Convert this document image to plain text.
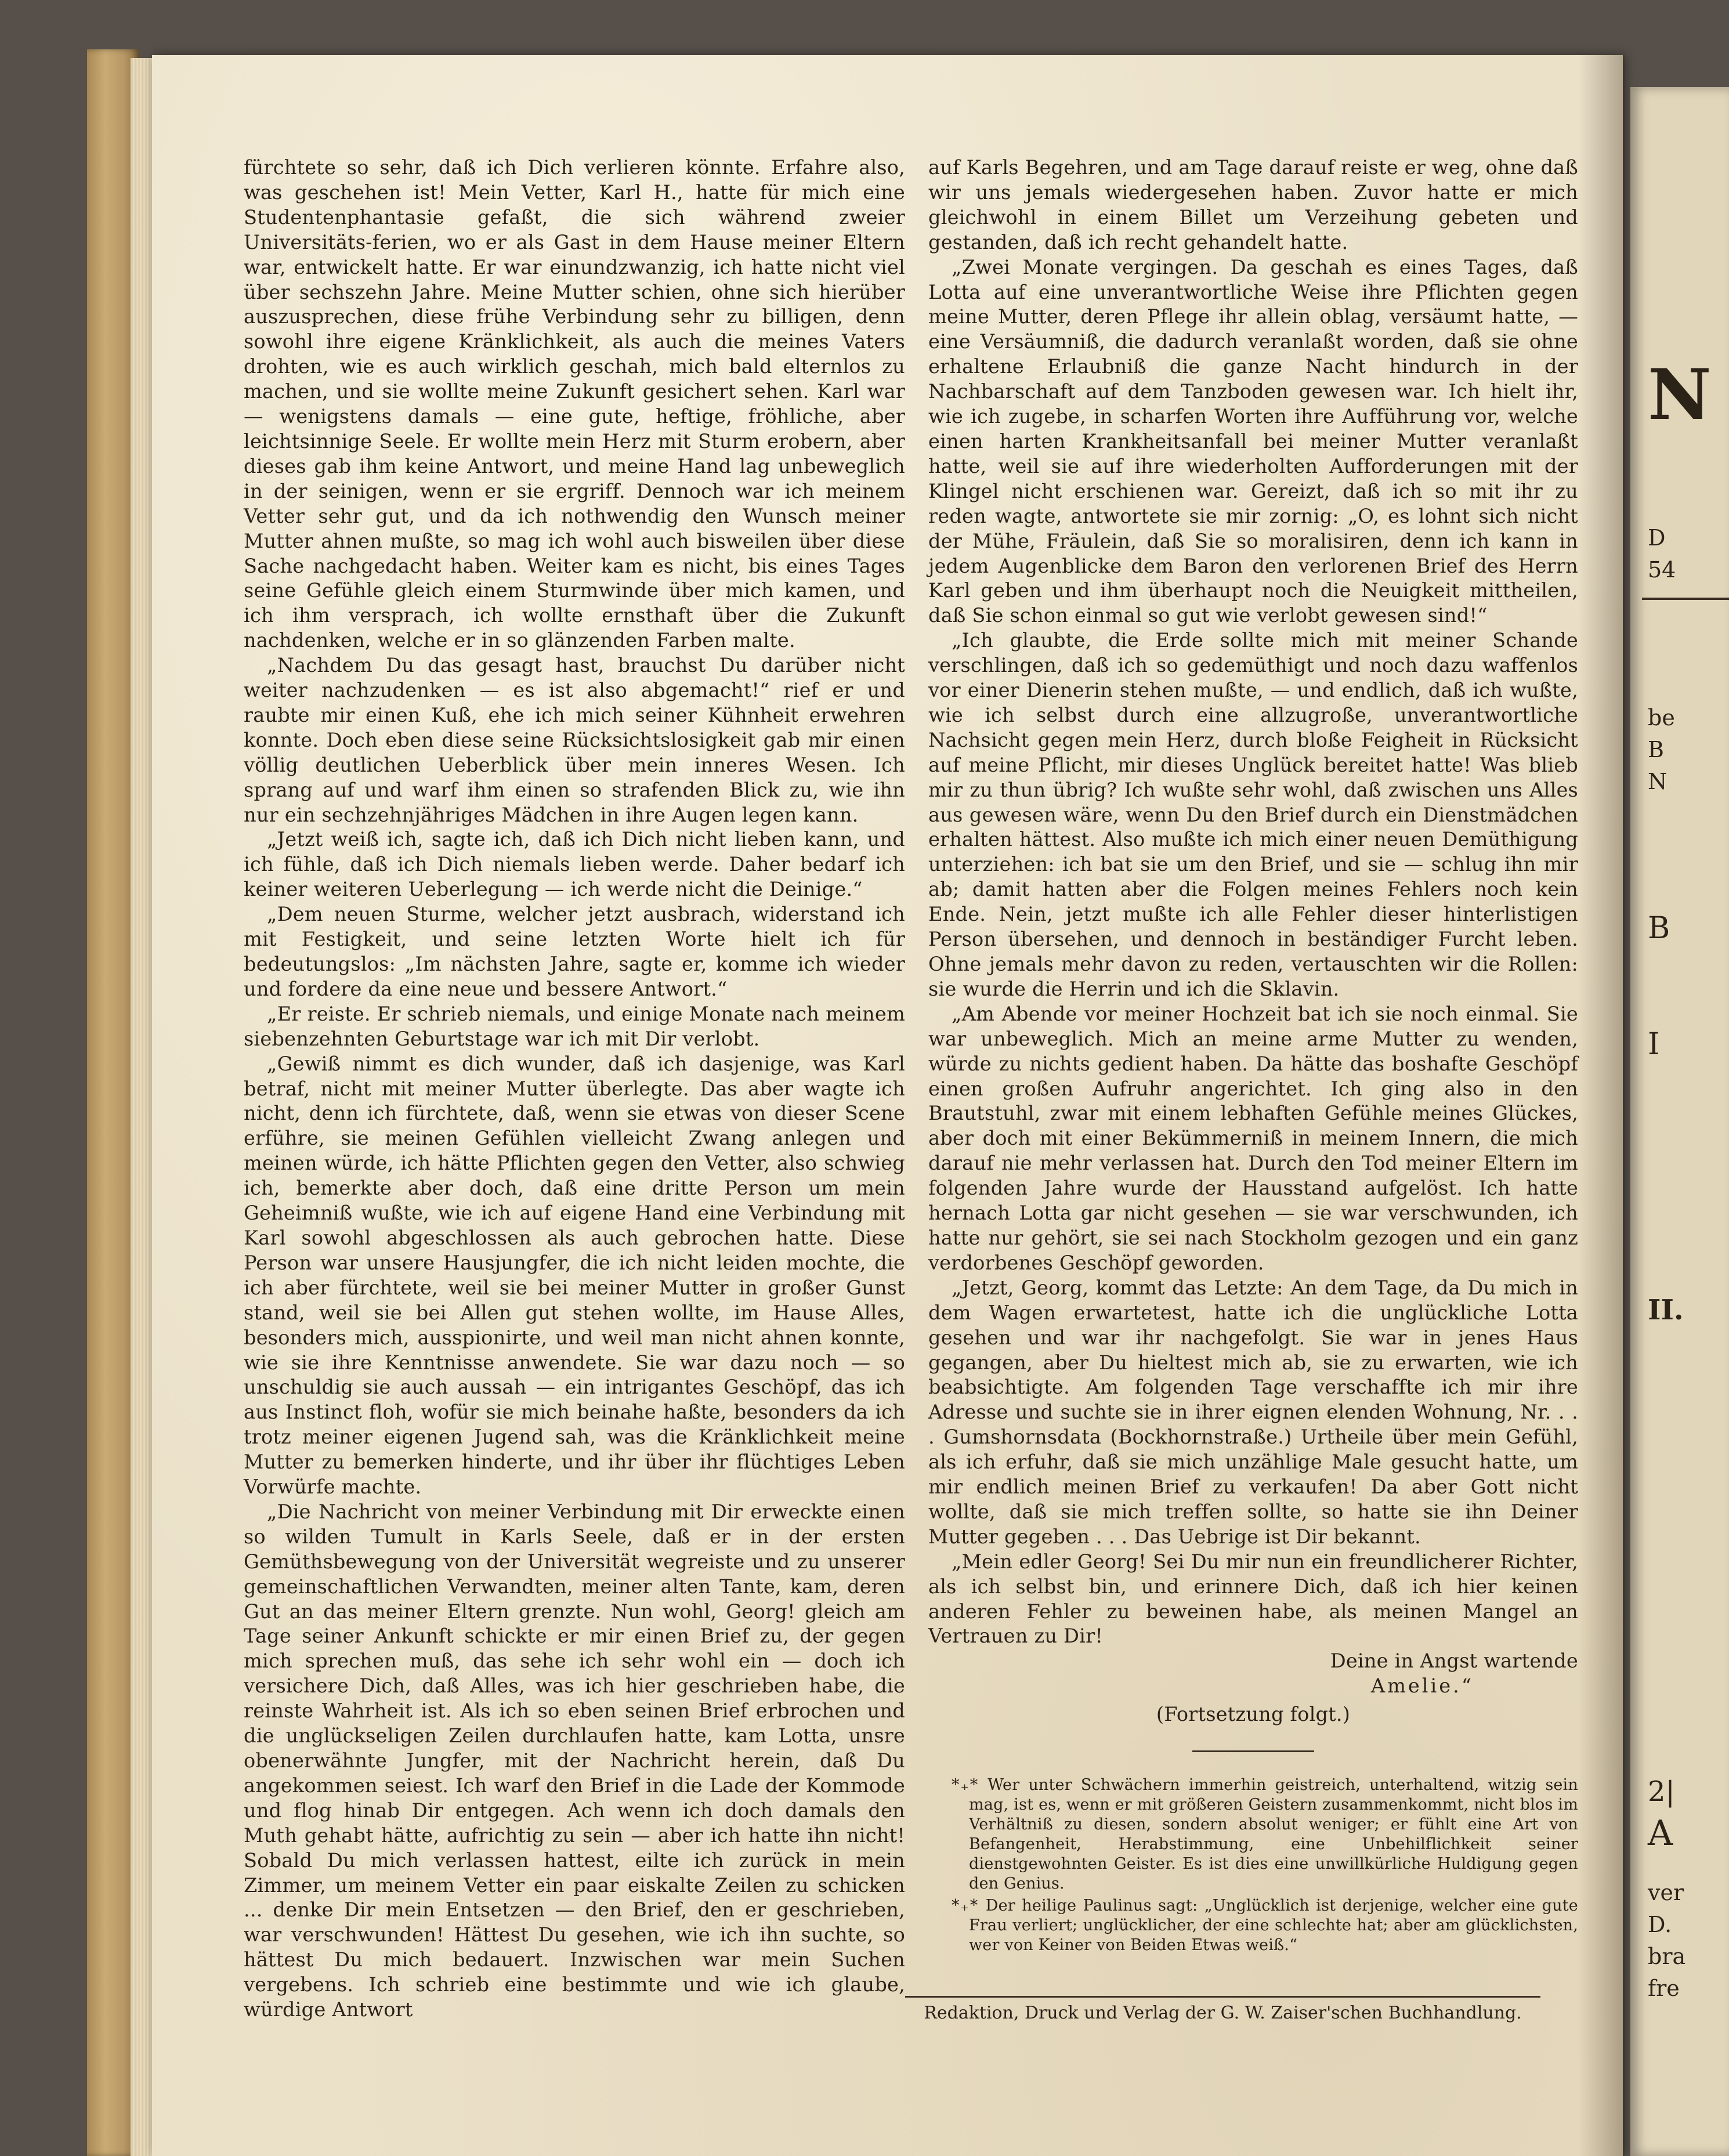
N
D
54
be
B
N
B
I
II.
2|
A
ver
D.
bra
fre

fürchtete so sehr, daß ich Dich verlieren könnte. Erfahre also, was geschehen ist! Mein Vetter, Karl H., hatte für mich eine Studentenphantasie gefaßt, die sich während zweier Universitäts-ferien, wo er als Gast in dem Hause meiner Eltern war, entwickelt hatte. Er war einundzwanzig, ich hatte nicht viel über sechszehn Jahre. Meine Mutter schien, ohne sich hierüber auszusprechen, diese frühe Verbindung sehr zu billigen, denn sowohl ihre eigene Kränklichkeit, als auch die meines Vaters drohten, wie es auch wirklich geschah, mich bald elternlos zu machen, und sie wollte meine Zukunft gesichert sehen. Karl war — wenigstens damals — eine gute, heftige, fröhliche, aber leichtsinnige Seele. Er wollte mein Herz mit Sturm erobern, aber dieses gab ihm keine Antwort, und meine Hand lag unbeweglich in der seinigen, wenn er sie ergriff. Dennoch war ich meinem Vetter sehr gut, und da ich nothwendig den Wunsch meiner Mutter ahnen mußte, so mag ich wohl auch bisweilen über diese Sache nachgedacht haben. Weiter kam es nicht, bis eines Tages seine Gefühle gleich einem Sturmwinde über mich kamen, und ich ihm versprach, ich wollte ernsthaft über die Zukunft nachdenken, welche er in so glänzenden Farben malte.

„Nachdem Du das gesagt hast, brauchst Du darüber nicht weiter nachzudenken — es ist also abgemacht!“ rief er und raubte mir einen Kuß, ehe ich mich seiner Kühnheit erwehren konnte. Doch eben diese seine Rücksichtslosigkeit gab mir einen völlig deutlichen Ueberblick über mein inneres Wesen. Ich sprang auf und warf ihm einen so strafenden Blick zu, wie ihn nur ein sechzehnjähriges Mädchen in ihre Augen legen kann.

„Jetzt weiß ich, sagte ich, daß ich Dich nicht lieben kann, und ich fühle, daß ich Dich niemals lieben werde. Daher bedarf ich keiner weiteren Ueberlegung — ich werde nicht die Deinige.“

„Dem neuen Sturme, welcher jetzt ausbrach, widerstand ich mit Festigkeit, und seine letzten Worte hielt ich für bedeutungslos: „Im nächsten Jahre, sagte er, komme ich wieder und fordere da eine neue und bessere Antwort.“

„Er reiste. Er schrieb niemals, und einige Monate nach meinem siebenzehnten Geburtstage war ich mit Dir verlobt.

„Gewiß nimmt es dich wunder, daß ich dasjenige, was Karl betraf, nicht mit meiner Mutter überlegte. Das aber wagte ich nicht, denn ich fürchtete, daß, wenn sie etwas von dieser Scene erführe, sie meinen Gefühlen vielleicht Zwang anlegen und meinen würde, ich hätte Pflichten gegen den Vetter, also schwieg ich, bemerkte aber doch, daß eine dritte Person um mein Geheimniß wußte, wie ich auf eigene Hand eine Verbindung mit Karl sowohl abgeschlossen als auch gebrochen hatte. Diese Person war unsere Hausjungfer, die ich nicht leiden mochte, die ich aber fürchtete, weil sie bei meiner Mutter in großer Gunst stand, weil sie bei Allen gut stehen wollte, im Hause Alles, besonders mich, ausspionirte, und weil man nicht ahnen konnte, wie sie ihre Kenntnisse anwendete. Sie war dazu noch — so unschuldig sie auch aussah — ein intrigantes Geschöpf, das ich aus Instinct floh, wofür sie mich beinahe haßte, besonders da ich trotz meiner eigenen Jugend sah, was die Kränklichkeit meine Mutter zu bemerken hinderte, und ihr über ihr flüchtiges Leben Vorwürfe machte.

„Die Nachricht von meiner Verbindung mit Dir erweckte einen so wilden Tumult in Karls Seele, daß er in der ersten Gemüthsbewegung von der Universität wegreiste und zu unserer gemeinschaftlichen Verwandten, meiner alten Tante, kam, deren Gut an das meiner Eltern grenzte. Nun wohl, Georg! gleich am Tage seiner Ankunft schickte er mir einen Brief zu, der gegen mich sprechen muß, das sehe ich sehr wohl ein — doch ich versichere Dich, daß Alles, was ich hier geschrieben habe, die reinste Wahrheit ist. Als ich so eben seinen Brief erbrochen und die unglückseligen Zeilen durchlaufen hatte, kam Lotta, unsre obenerwähnte Jungfer, mit der Nachricht herein, daß Du angekommen seiest. Ich warf den Brief in die Lade der Kommode und flog hinab Dir entgegen. Ach wenn ich doch damals den Muth gehabt hätte, aufrichtig zu sein — aber ich hatte ihn nicht! Sobald Du mich verlassen hattest, eilte ich zurück in mein Zimmer, um meinem Vetter ein paar eiskalte Zeilen zu schicken ... denke Dir mein Entsetzen — den Brief, den er geschrieben, war verschwunden! Hättest Du gesehen, wie ich ihn suchte, so hättest Du mich bedauert. Inzwischen war mein Suchen vergebens. Ich schrieb eine bestimmte und wie ich glaube, würdige Antwort

auf Karls Begehren, und am Tage darauf reiste er weg, ohne daß wir uns jemals wiedergesehen haben. Zuvor hatte er mich gleichwohl in einem Billet um Verzeihung gebeten und gestanden, daß ich recht gehandelt hatte.

„Zwei Monate vergingen. Da geschah es eines Tages, daß Lotta auf eine unverantwortliche Weise ihre Pflichten gegen meine Mutter, deren Pflege ihr allein oblag, versäumt hatte, — eine Versäumniß, die dadurch veranlaßt worden, daß sie ohne erhaltene Erlaubniß die ganze Nacht hindurch in der Nachbarschaft auf dem Tanzboden gewesen war. Ich hielt ihr, wie ich zugebe, in scharfen Worten ihre Aufführung vor, welche einen harten Krankheitsanfall bei meiner Mutter veranlaßt hatte, weil sie auf ihre wiederholten Aufforderungen mit der Klingel nicht erschienen war. Gereizt, daß ich so mit ihr zu reden wagte, antwortete sie mir zornig: „O, es lohnt sich nicht der Mühe, Fräulein, daß Sie so moralisiren, denn ich kann in jedem Augenblicke dem Baron den verlorenen Brief des Herrn Karl geben und ihm überhaupt noch die Neuigkeit mittheilen, daß Sie schon einmal so gut wie verlobt gewesen sind!“

„Ich glaubte, die Erde sollte mich mit meiner Schande verschlingen, daß ich so gedemüthigt und noch dazu waffenlos vor einer Dienerin stehen mußte, — und endlich, daß ich wußte, wie ich selbst durch eine allzugroße, unverantwortliche Nachsicht gegen mein Herz, durch bloße Feigheit in Rücksicht auf meine Pflicht, mir dieses Unglück bereitet hatte! Was blieb mir zu thun übrig? Ich wußte sehr wohl, daß zwischen uns Alles aus gewesen wäre, wenn Du den Brief durch ein Dienstmädchen erhalten hättest. Also mußte ich mich einer neuen Demüthigung unterziehen: ich bat sie um den Brief, und sie — schlug ihn mir ab; damit hatten aber die Folgen meines Fehlers noch kein Ende. Nein, jetzt mußte ich alle Fehler dieser hinterlistigen Person übersehen, und dennoch in beständiger Furcht leben. Ohne jemals mehr davon zu reden, vertauschten wir die Rollen: sie wurde die Herrin und ich die Sklavin.

„Am Abende vor meiner Hochzeit bat ich sie noch einmal. Sie war unbeweglich. Mich an meine arme Mutter zu wenden, würde zu nichts gedient haben. Da hätte das boshafte Geschöpf einen großen Aufruhr angerichtet. Ich ging also in den Brautstuhl, zwar mit einem lebhaften Gefühle meines Glückes, aber doch mit einer Bekümmerniß in meinem Innern, die mich darauf nie mehr verlassen hat. Durch den Tod meiner Eltern im folgenden Jahre wurde der Hausstand aufgelöst. Ich hatte hernach Lotta gar nicht gesehen — sie war verschwunden, ich hatte nur gehört, sie sei nach Stockholm gezogen und ein ganz verdorbenes Geschöpf geworden.

„Jetzt, Georg, kommt das Letzte: An dem Tage, da Du mich in dem Wagen erwartetest, hatte ich die unglückliche Lotta gesehen und war ihr nachgefolgt. Sie war in jenes Haus gegangen, aber Du hieltest mich ab, sie zu erwarten, wie ich beabsichtigte. Am folgenden Tage verschaffte ich mir ihre Adresse und suchte sie in ihrer eignen elenden Wohnung, Nr. . . . Gumshornsdata (Bockhornstraße.) Urtheile über mein Gefühl, als ich erfuhr, daß sie mich unzählige Male gesucht hatte, um mir endlich meinen Brief zu verkaufen! Da aber Gott nicht wollte, daß sie mich treffen sollte, so hatte sie ihn Deiner Mutter gegeben . . . Das Uebrige ist Dir bekannt.

„Mein edler Georg! Sei Du mir nun ein freundlicherer Richter, als ich selbst bin, und erinnere Dich, daß ich hier keinen anderen Fehler zu beweinen habe, als meinen Mangel an Vertrauen zu Dir!

Deine in Angst wartende

Amelie.“

(Fortsetzung folgt.)

*₊* Wer unter Schwächern immerhin geistreich, unterhaltend, witzig sein mag, ist es, wenn er mit größeren Geistern zusammenkommt, nicht blos im Verhältniß zu diesen, sondern absolut weniger; er fühlt eine Art von Befangenheit, Herabstimmung, eine Unbehilflichkeit seiner dienstgewohnten Geister. Es ist dies eine unwillkürliche Huldigung gegen den Genius.

*₊* Der heilige Paulinus sagt: „Unglücklich ist derjenige, welcher eine gute Frau verliert; unglücklicher, der eine schlechte hat; aber am glücklichsten, wer von Keiner von Beiden Etwas weiß.“

Redaktion, Druck und Verlag der G. W. Zaiser'schen Buchhandlung.
